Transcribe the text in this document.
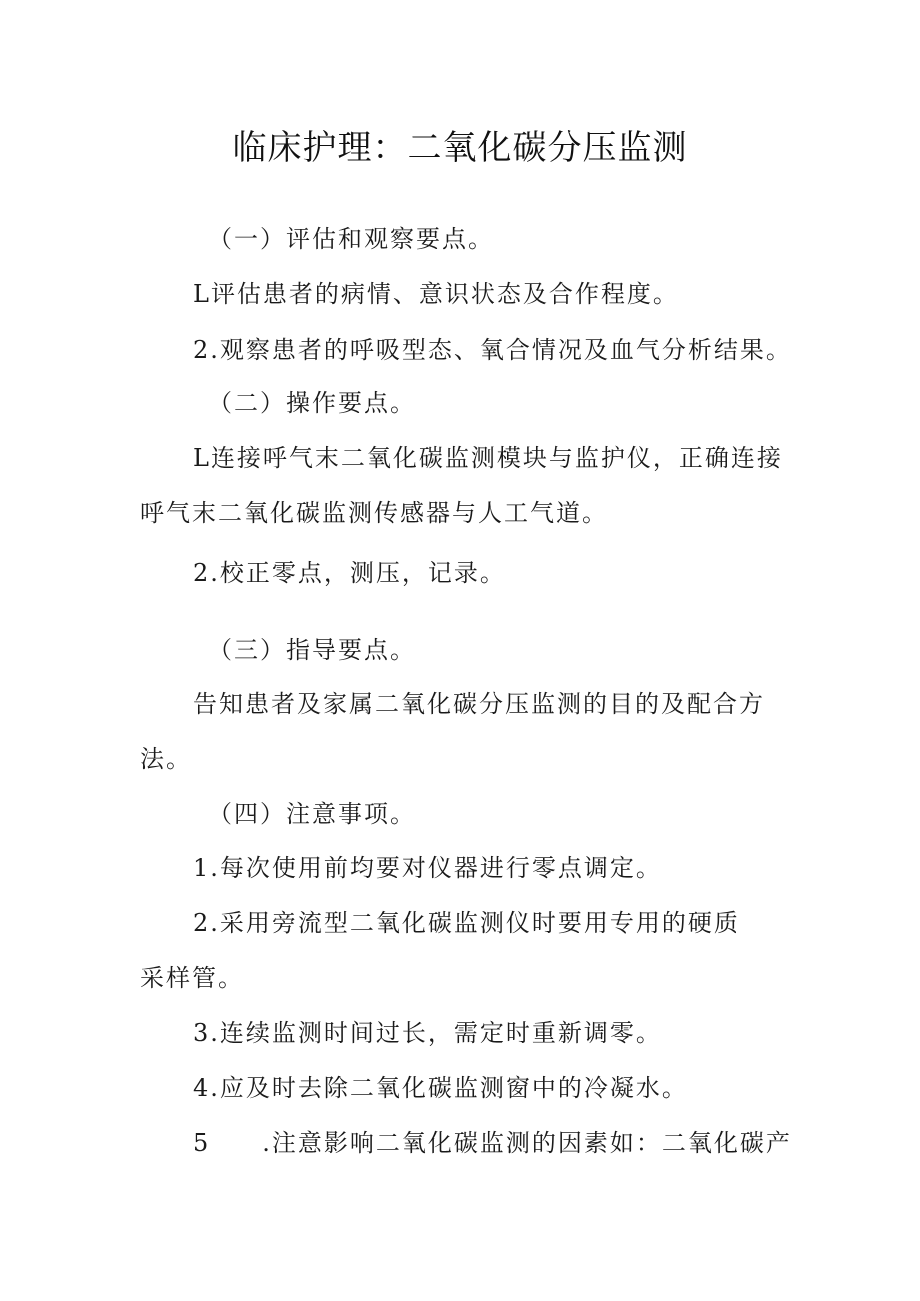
临床护理：二氧化碳分压监测
（一）评估和观察要点。
L评估患者的病情、意识状态及合作程度。
2.观察患者的呼吸型态、氧合情况及血气分析结果。
（二）操作要点。
L连接呼气末二氧化碳监测模块与监护仪，正确连接
呼气末二氧化碳监测传感器与人工气道。
2.校正零点，测压，记录。
（三）指导要点。
告知患者及家属二氧化碳分压监测的目的及配合方
法。
（四）注意事项。
1.每次使用前均要对仪器进行零点调定。
2.采用旁流型二氧化碳监测仪时要用专用的硬质
采样管。
3.连续监测时间过长，需定时重新调零。
4.应及时去除二氧化碳监测窗中的冷凝水。
5　　.注意影响二氧化碳监测的因素如：二氧化碳产
